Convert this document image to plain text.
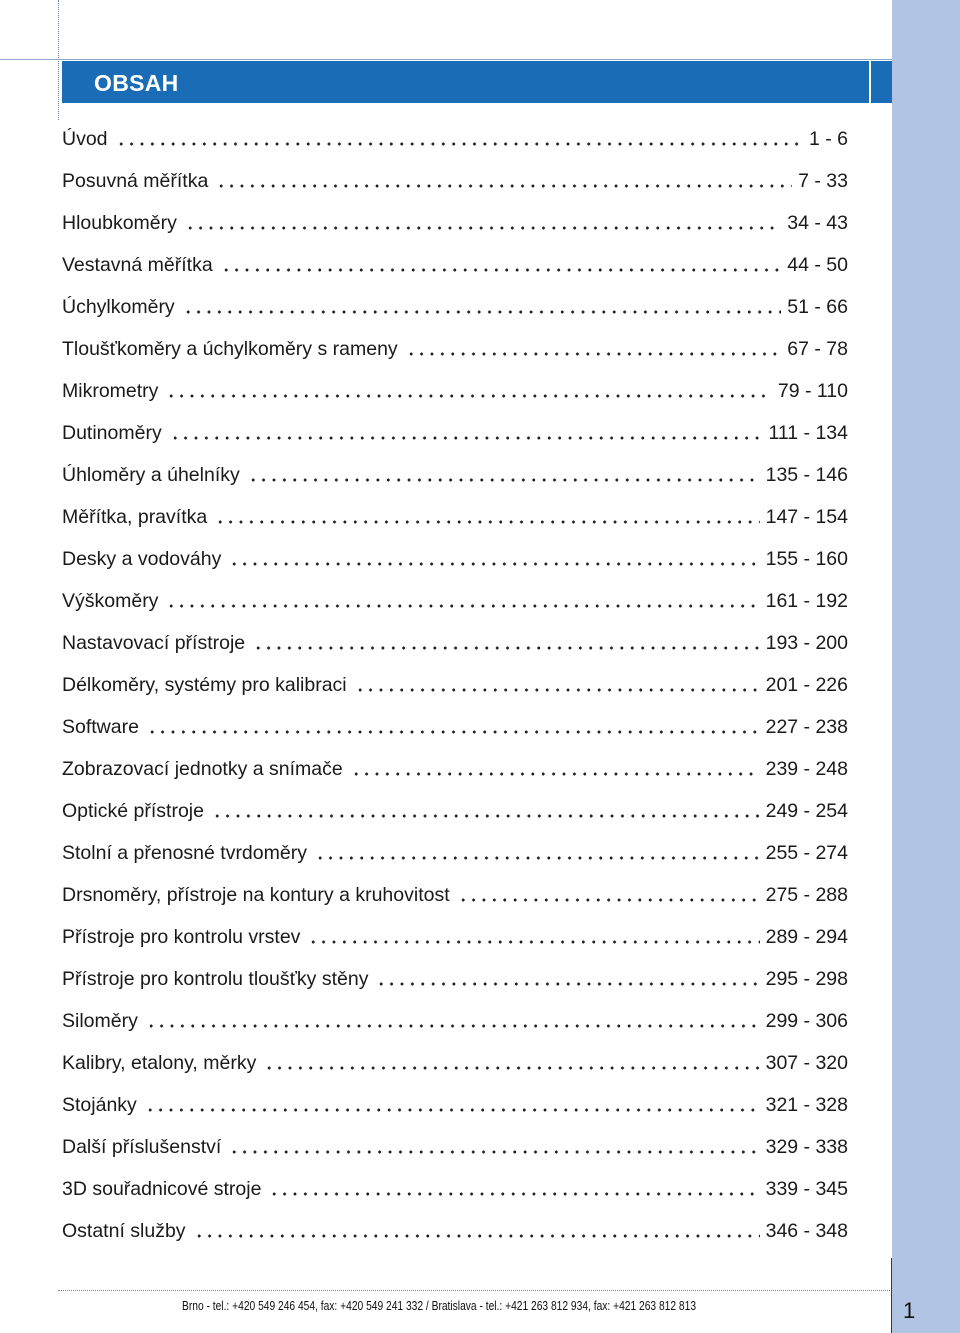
OBSAH
Úvod	1 - 6
Posuvná měřítka	7 - 33
Hloubkoměry	34 - 43
Vestavná měřítka	44 - 50
Úchylkoměry	51 - 66
Tloušťkoměry a úchylkoměry s rameny	67 - 78
Mikrometry	79 - 110
Dutinoměry	111 - 134
Úhloměry a úhelníky	135 - 146
Měřítka, pravítka	147 - 154
Desky a vodováhy	155 - 160
Výškoměry	161 - 192
Nastavovací přístroje	193 - 200
Délkoměry, systémy pro kalibraci	201 - 226
Software	227 - 238
Zobrazovací jednotky a snímače	239 - 248
Optické přístroje	249 - 254
Stolní a přenosné tvrdoměry	255 - 274
Drsnoměry, přístroje na kontury a kruhovitost	275 - 288
Přístroje pro kontrolu vrstev	289 - 294
Přístroje pro kontrolu tloušťky stěny	295 - 298
Siloměry	299 - 306
Kalibry, etalony, měrky	307 - 320
Stojánky	321 - 328
Další příslušenství	329 - 338
3D souřadnicové stroje	339 - 345
Ostatní služby	346 - 348
Brno - tel.: +420 549 246 454, fax: +420 549 241 332 / Bratislava - tel.: +421 263 812 934, fax: +421 263 812 813	1
